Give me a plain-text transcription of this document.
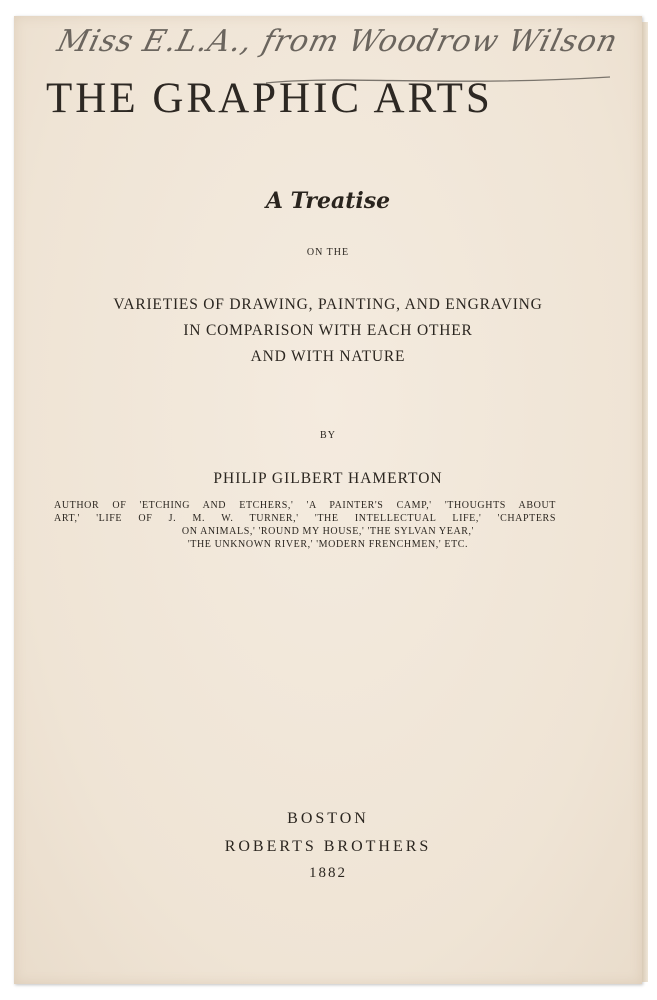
Miss E.L.A., from Woodrow Wilson
THE GRAPHIC ARTS
A Treatise
ON THE
VARIETIES OF DRAWING, PAINTING, AND ENGRAVING
IN COMPARISON WITH EACH OTHER
AND WITH NATURE
BY
PHILIP GILBERT HAMERTON
AUTHOR OF 'ETCHING AND ETCHERS,' 'A PAINTER'S CAMP,' 'THOUGHTS ABOUT
ART,' 'LIFE OF J. M. W. TURNER,' 'THE INTELLECTUAL LIFE,' 'CHAPTERS
ON ANIMALS,' 'ROUND MY HOUSE,' 'THE SYLVAN YEAR,'
'THE UNKNOWN RIVER,' 'MODERN FRENCHMEN,' ETC.
BOSTON
ROBERTS BROTHERS
1882
